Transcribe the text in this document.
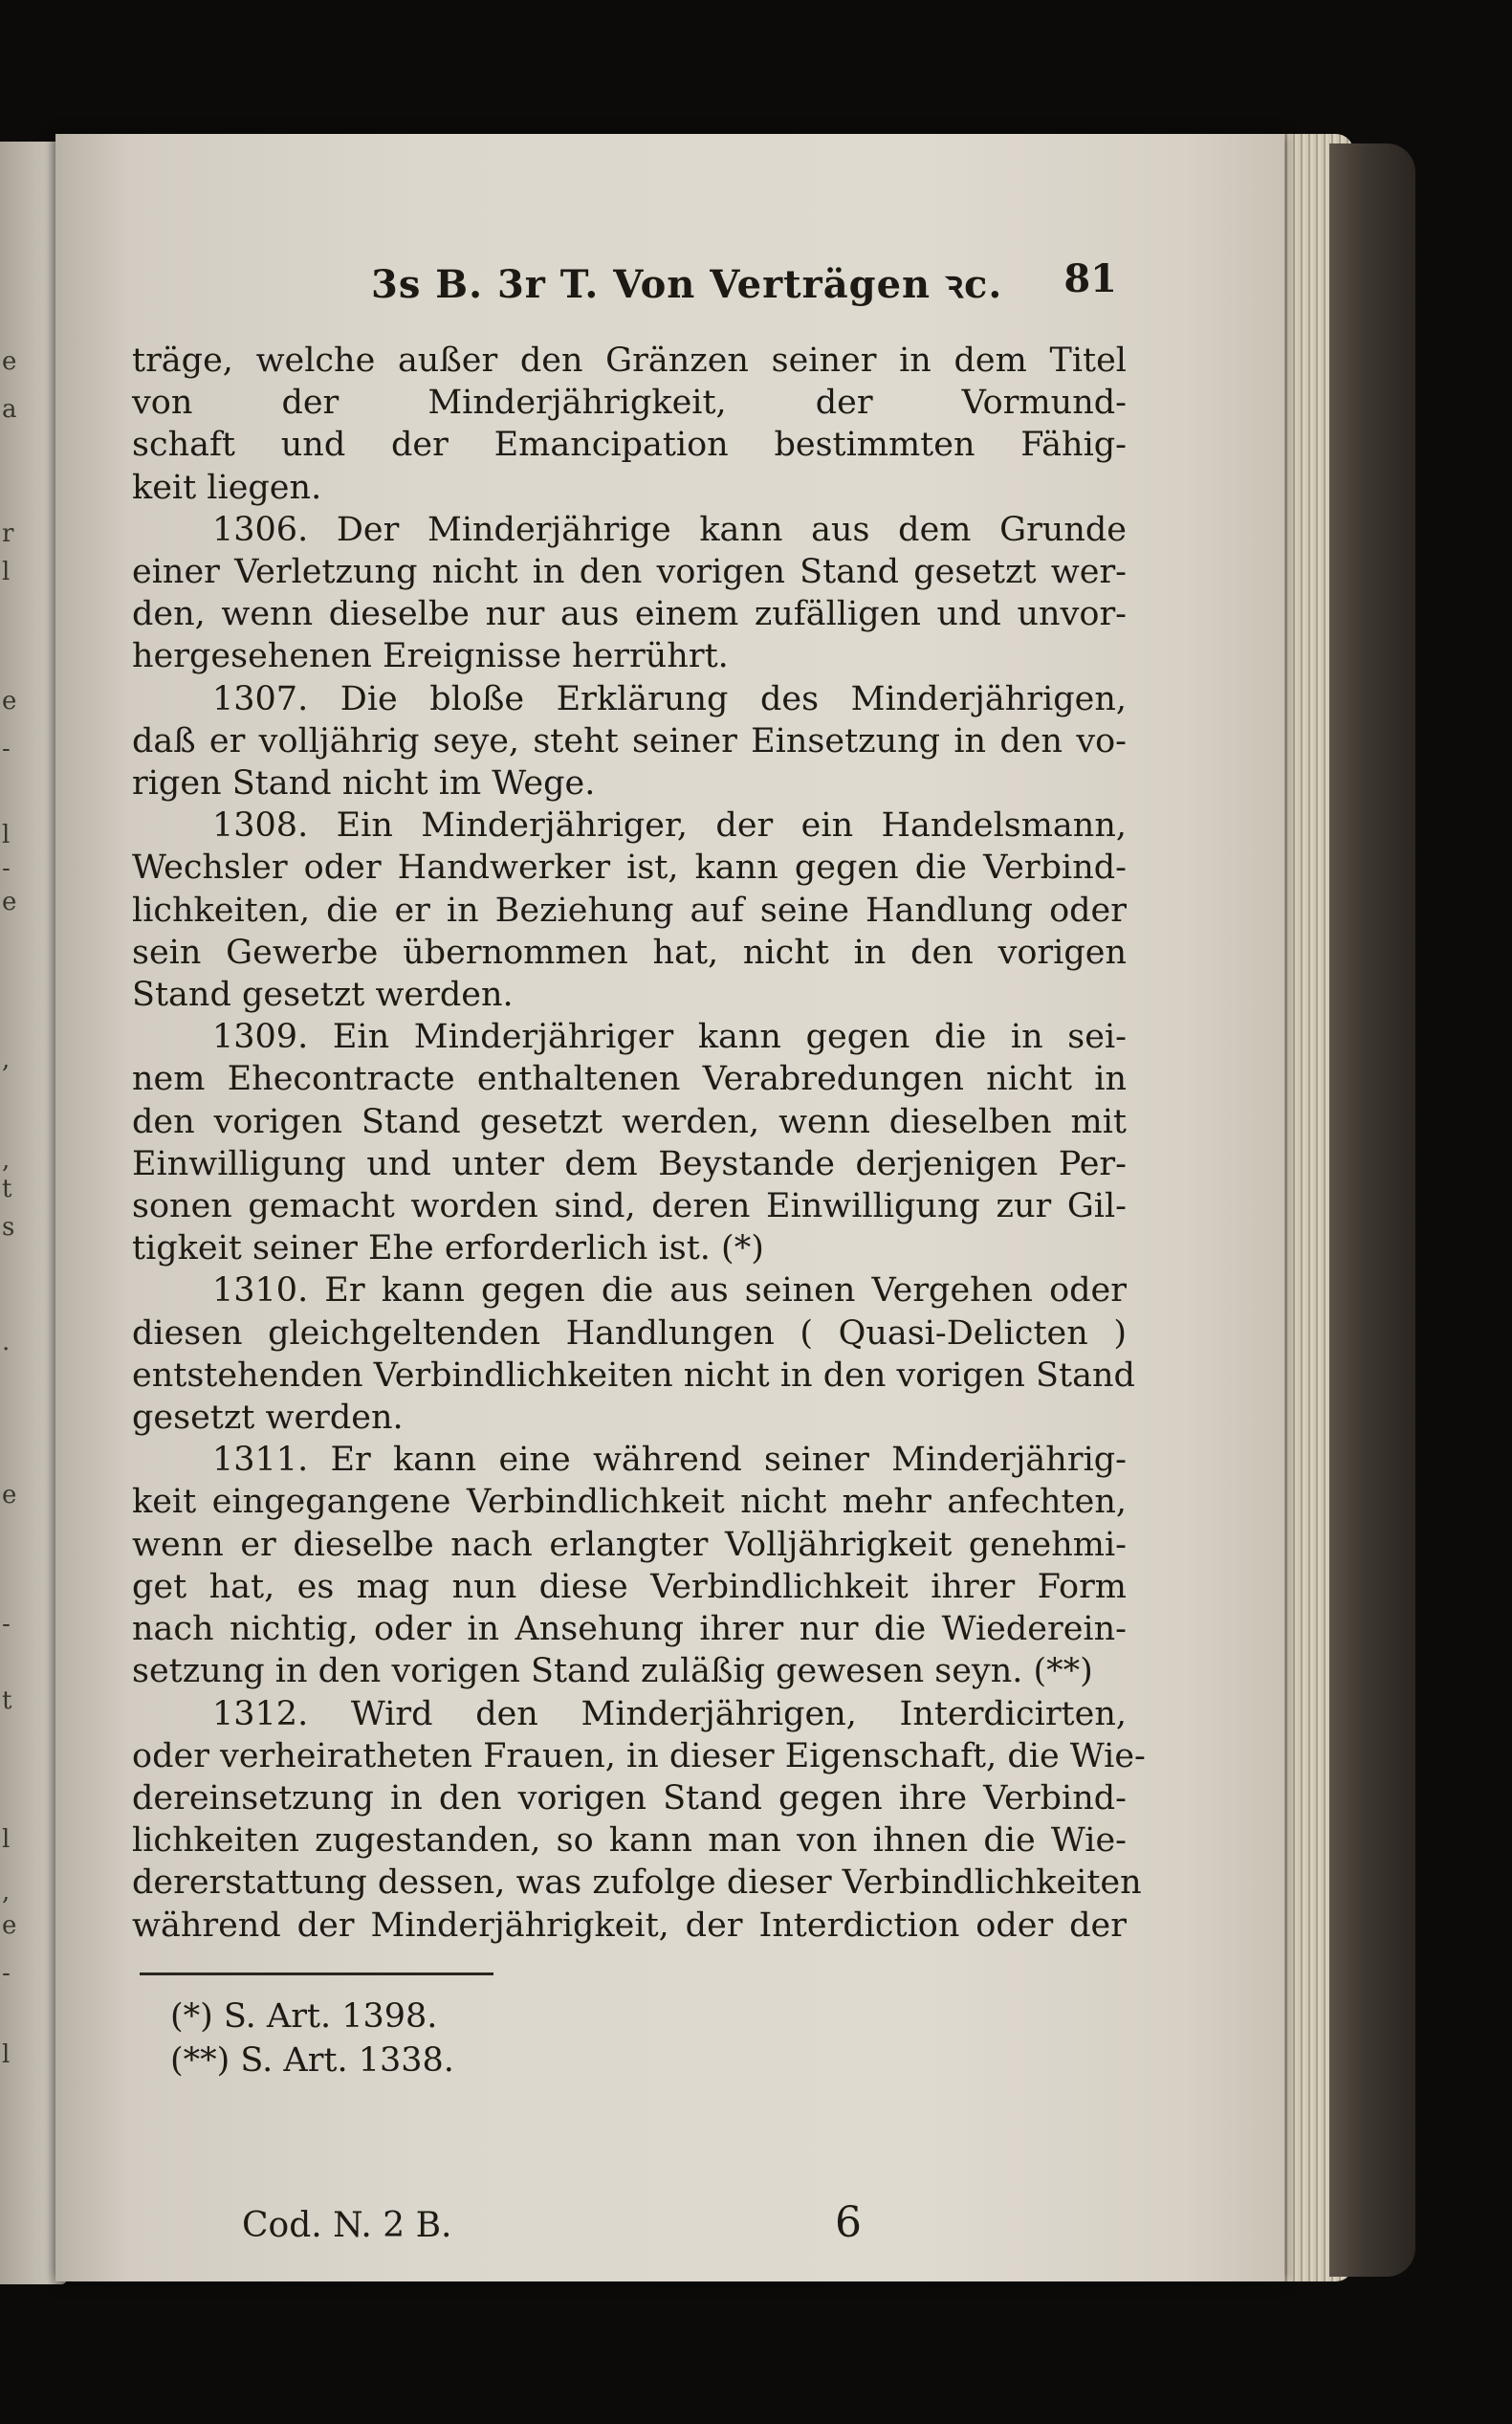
e
a
r
l
e
-
l
-
e
,
,
t
s
.
e
-
t
l
,
e
-
l
3s B. 3r T. Von Verträgen ꝛc. 81
träge, welche außer den Gränzen seiner in dem Titel
von der Minderjährigkeit, der Vormund-
schaft und der Emancipation bestimmten Fähig-
keit liegen.
1306. Der Minderjährige kann aus dem Grunde
einer Verletzung nicht in den vorigen Stand gesetzt wer-
den, wenn dieselbe nur aus einem zufälligen und unvor-
hergesehenen Ereignisse herrührt.
1307. Die bloße Erklärung des Minderjährigen,
daß er volljährig seye, steht seiner Einsetzung in den vo-
rigen Stand nicht im Wege.
1308. Ein Minderjähriger, der ein Handelsmann,
Wechsler oder Handwerker ist, kann gegen die Verbind-
lichkeiten, die er in Beziehung auf seine Handlung oder
sein Gewerbe übernommen hat, nicht in den vorigen
Stand gesetzt werden.
1309. Ein Minderjähriger kann gegen die in sei-
nem Ehecontracte enthaltenen Verabredungen nicht in
den vorigen Stand gesetzt werden, wenn dieselben mit
Einwilligung und unter dem Beystande derjenigen Per-
sonen gemacht worden sind, deren Einwilligung zur Gil-
tigkeit seiner Ehe erforderlich ist. (*)
1310. Er kann gegen die aus seinen Vergehen oder
diesen gleichgeltenden Handlungen ( Quasi-Delicten )
entstehenden Verbindlichkeiten nicht in den vorigen Stand
gesetzt werden.
1311. Er kann eine während seiner Minderjährig-
keit eingegangene Verbindlichkeit nicht mehr anfechten,
wenn er dieselbe nach erlangter Volljährigkeit genehmi-
get hat, es mag nun diese Verbindlichkeit ihrer Form
nach nichtig, oder in Ansehung ihrer nur die Wiederein-
setzung in den vorigen Stand zuläßig gewesen seyn. (**)
1312. Wird den Minderjährigen, Interdicirten,
oder verheiratheten Frauen, in dieser Eigenschaft, die Wie-
dereinsetzung in den vorigen Stand gegen ihre Verbind-
lichkeiten zugestanden, so kann man von ihnen die Wie-
dererstattung dessen, was zufolge dieser Verbindlichkeiten
während der Minderjährigkeit, der Interdiction oder der
(*) S. Art. 1398.
(**) S. Art. 1338.
Cod. N. 2 B.	6
